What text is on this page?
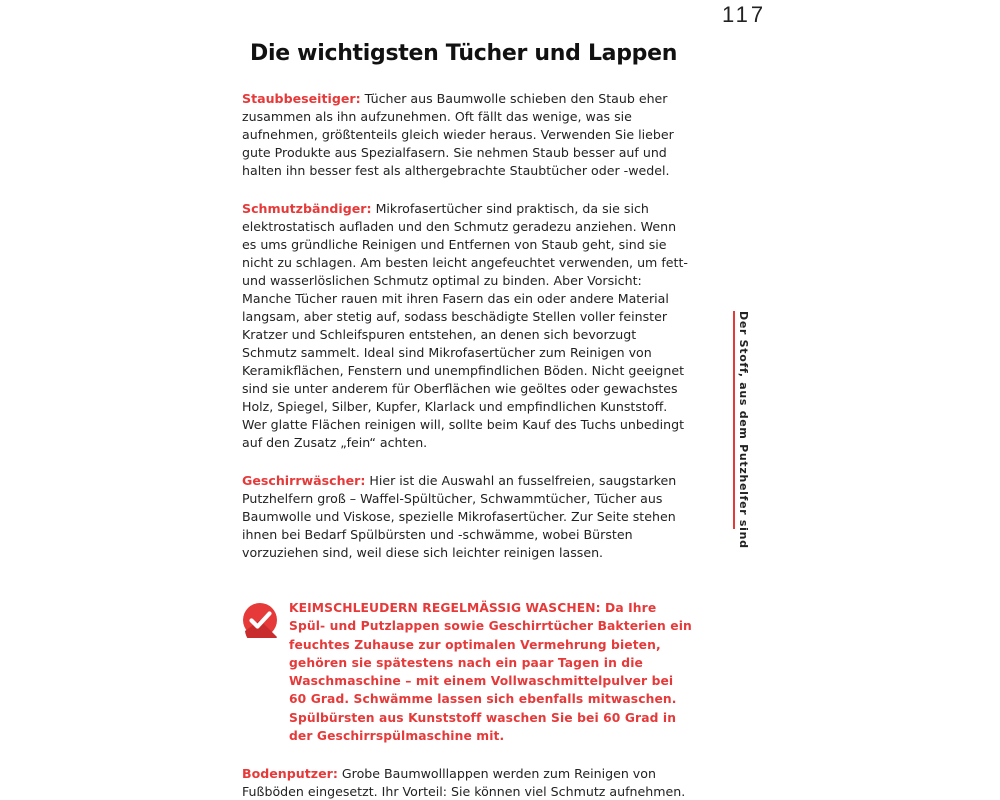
117
Die wichtigsten Tücher und Lappen

Staubbeseitiger: Tücher aus Baumwolle schieben den Staub eher zusammen als ihn aufzunehmen. Oft fällt das wenige, was sie aufnehmen, größtenteils gleich wieder heraus. Verwenden Sie lieber gute Produkte aus Spezialfasern. Sie nehmen Staub besser auf und halten ihn besser fest als althergebrachte Staubtücher oder -wedel.

Schmutzbändiger: Mikrofasertücher sind praktisch, da sie sich elektrostatisch aufladen und den Schmutz geradezu anziehen. Wenn es ums gründliche Reinigen und Entfernen von Staub geht, sind sie nicht zu schlagen. Am besten leicht angefeuchtet verwenden, um fett- und wasserlöslichen Schmutz optimal zu binden. Aber Vorsicht: Manche Tücher rauen mit ihren Fasern das ein oder andere Material langsam, aber stetig auf, sodass beschädigte Stellen voller feinster Kratzer und Schleifspuren entstehen, an denen sich bevorzugt Schmutz sammelt. Ideal sind Mikrofasertücher zum Reinigen von Keramikflächen, Fenstern und unempfindlichen Böden. Nicht geeignet sind sie unter anderem für Oberflächen wie geöltes oder gewachstes Holz, Spiegel, Silber, Kupfer, Klarlack und empfindlichen Kunststoff. Wer glatte Flächen reinigen will, sollte beim Kauf des Tuchs unbedingt auf den Zusatz „fein“ achten.

Geschirrwäscher: Hier ist die Auswahl an fusselfreien, saugstarken Putzhelfern groß – Waffel-Spültücher, Schwammtücher, Tücher aus Baumwolle und Viskose, spezielle Mikrofasertücher. Zur Seite stehen ihnen bei Bedarf Spülbürsten und -schwämme, wobei Bürsten vorzuziehen sind, weil diese sich leichter reinigen lassen.

KEIMSCHLEUDERN REGELMÄSSIG WASCHEN: Da Ihre Spül- und Putzlappen sowie Geschirrtücher Bakterien ein feuchtes Zuhause zur optimalen Vermehrung bieten, gehören sie spätestens nach ein paar Tagen in die Waschmaschine – mit einem Vollwaschmittelpulver bei 60 Grad. Schwämme lassen sich ebenfalls mitwaschen. Spülbürsten aus Kunststoff waschen Sie bei 60 Grad in der Geschirrspülmaschine mit.

Bodenputzer: Grobe Baumwolllappen werden zum Reinigen von Fußböden eingesetzt. Ihr Vorteil: Sie können viel Schmutz aufnehmen.

Der Stoff, aus dem Putzhelfer sind
